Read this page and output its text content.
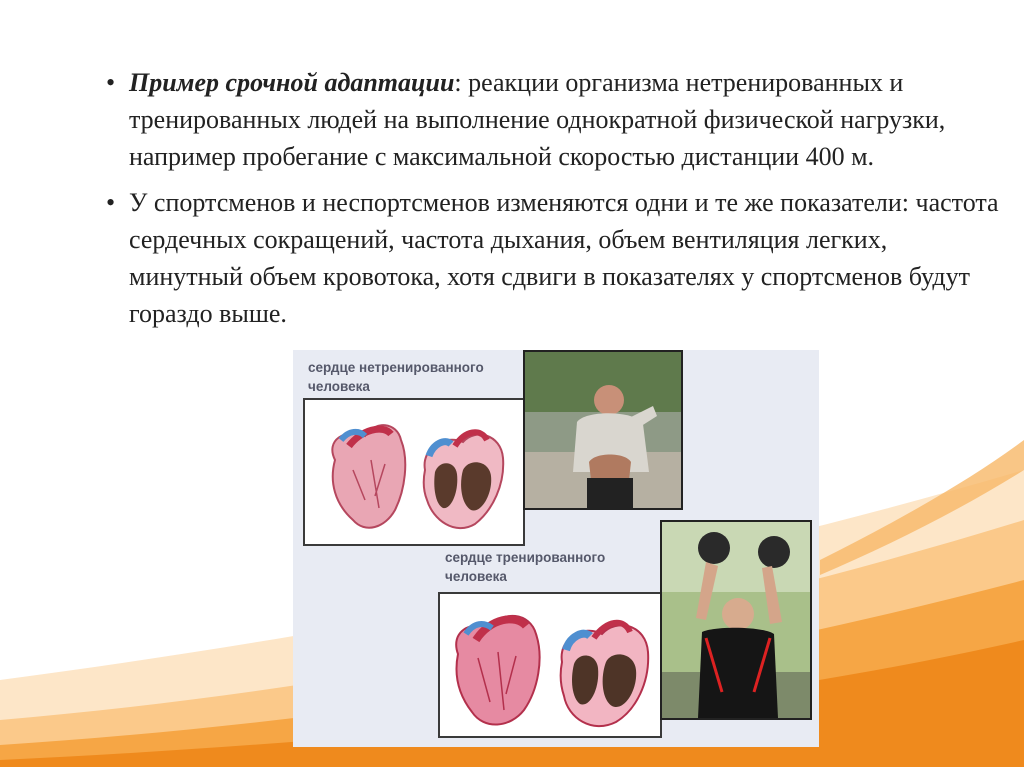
• Пример срочной адаптации: реакции организма нетренированных и тренированных людей на выполнение однократной физической нагрузки, например пробегание с максимальной скоростью дистанции 400 м.
• У спортсменов и неспортсменов изменяются одни и те же показатели: частота сердечных сокращений, частота дыхания, объем вентиляция легких, минутный объем кровотока, хотя сдвиги в показателях у спортсменов будут гораздо выше.
сердце нетренированного
человека
сердце тренированного
человека
